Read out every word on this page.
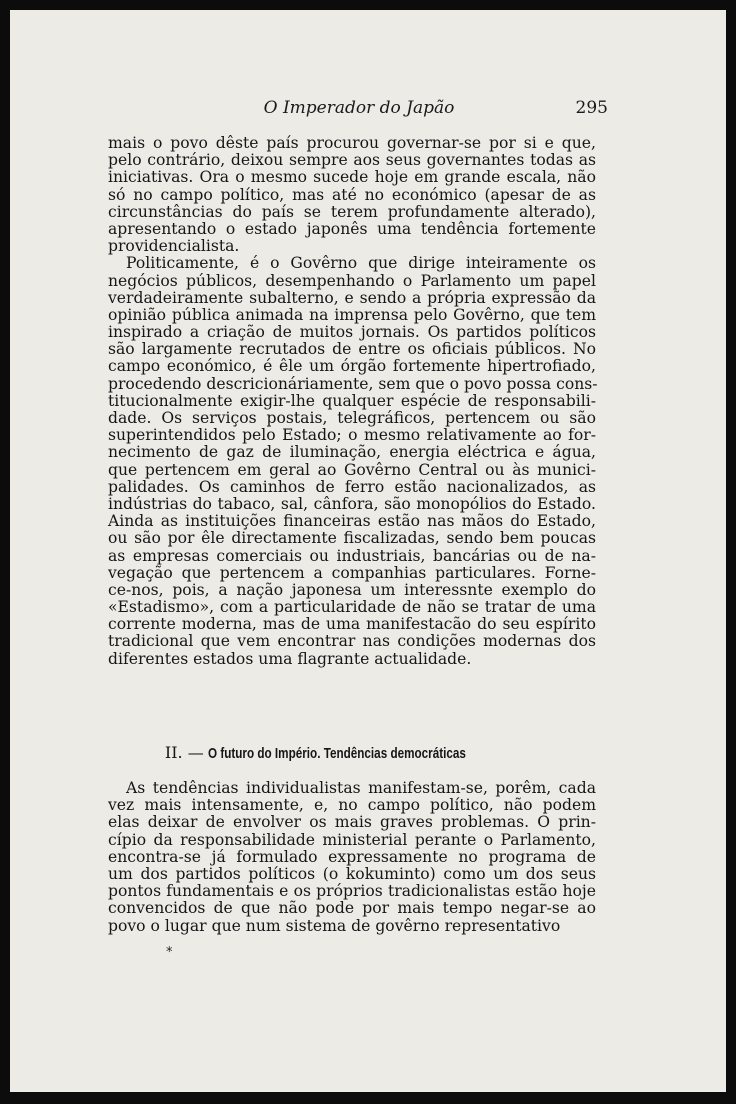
O Imperador do Japão	295

mais o povo dêste país procurou governar-se por si e que,
pelo contrário, deixou sempre aos seus governantes todas as
iniciativas. Ora o mesmo sucede hoje em grande escala, não
só no campo político, mas até no económico (apesar de as
circunstâncias do país se terem profundamente alterado),
apresentando o estado japonês uma tendência fortemente
providencialista.

Politicamente, é o Govêrno que dirige inteiramente os
negócios públicos, desempenhando o Parlamento um papel
verdadeiramente subalterno, e sendo a própria expressão da
opinião pública animada na imprensa pelo Govêrno, que tem
inspirado a criação de muitos jornais. Os partidos políticos
são largamente recrutados de entre os oficiais públicos. No
campo económico, é êle um órgão fortemente hipertrofiado,
procedendo descricionáriamente, sem que o povo possa cons-
titucionalmente exigir-lhe qualquer espécie de responsabili-
dade. Os serviços postais, telegráficos, pertencem ou são
superintendidos pelo Estado; o mesmo relativamente ao for-
necimento de gaz de iluminação, energia eléctrica e água,
que pertencem em geral ao Govêrno Central ou às munici-
palidades. Os caminhos de ferro estão nacionalizados, as
indústrias do tabaco, sal, cânfora, são monopólios do Estado.
Ainda as instituições financeiras estão nas mãos do Estado,
ou são por êle directamente fiscalizadas, sendo bem poucas
as empresas comerciais ou industriais, bancárias ou de na-
vegação que pertencem a companhias particulares. Forne-
ce-nos, pois, a nação japonesa um interessnte exemplo do
«Estadismo», com a particularidade de não se tratar de uma
corrente moderna, mas de uma manifestacão do seu espírito
tradicional que vem encontrar nas condições modernas dos
diferentes estados uma flagrante actualidade.

II. — O futuro do Império. Tendências democráticas

As tendências individualistas manifestam-se, porêm, cada
vez mais intensamente, e, no campo político, não podem
elas deixar de envolver os mais graves problemas. O prin-
cípio da responsabilidade ministerial perante o Parlamento,
encontra-se já formulado expressamente no programa de
um dos partidos políticos (o kokuminto) como um dos seus
pontos fundamentais e os próprios tradicionalistas estão hoje
convencidos de que não pode por mais tempo negar-se ao
povo o lugar que num sistema de govêrno representativo

*
